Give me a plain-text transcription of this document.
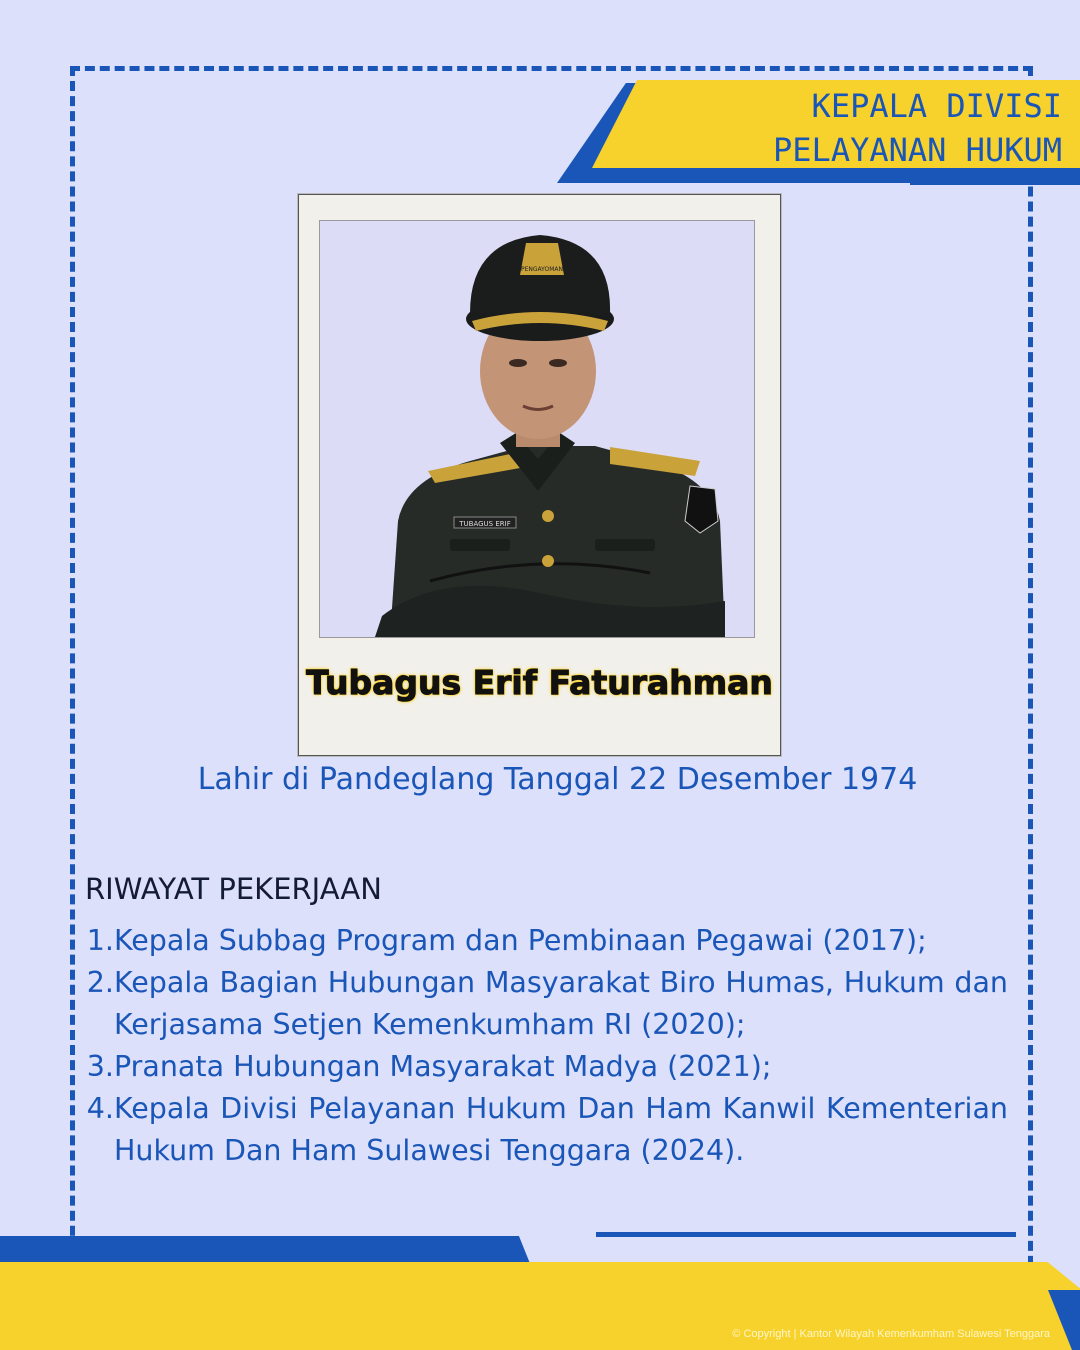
KEPALA DIVISI
PELAYANAN HUKUM
PENGAYOMAN
TUBAGUS ERIF
Tubagus Erif Faturahman
Lahir di Pandeglang Tanggal 22 Desember 1974
RIWAYAT PEKERJAAN
1. Kepala Subbag Program dan Pembinaan Pegawai (2017);
2. Kepala Bagian Hubungan Masyarakat Biro Humas, Hukum dan Kerjasama Setjen Kemenkumham RI (2020);
3. Pranata Hubungan Masyarakat Madya (2021);
4. Kepala Divisi Pelayanan Hukum Dan Ham Kanwil Kementerian Hukum Dan Ham Sulawesi Tenggara (2024).
© Copyright | Kantor Wilayah Kemenkumham Sulawesi Tenggara
